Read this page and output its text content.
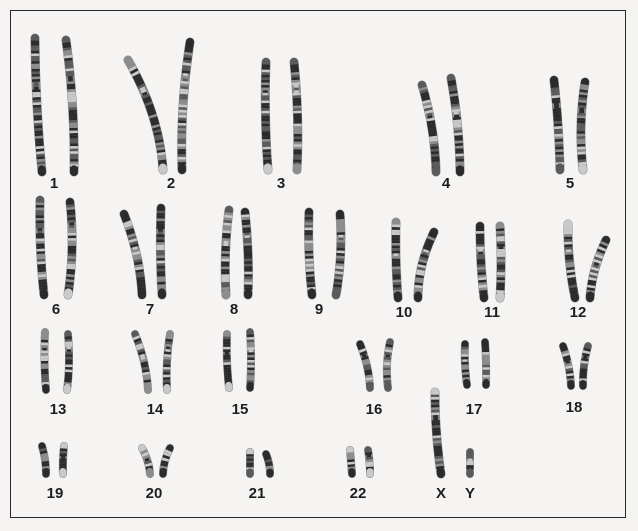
1	2	3	4	5
6	7	8	9	10	11	12
13	14	15	16	17	18
19	20	21	22	X Y
